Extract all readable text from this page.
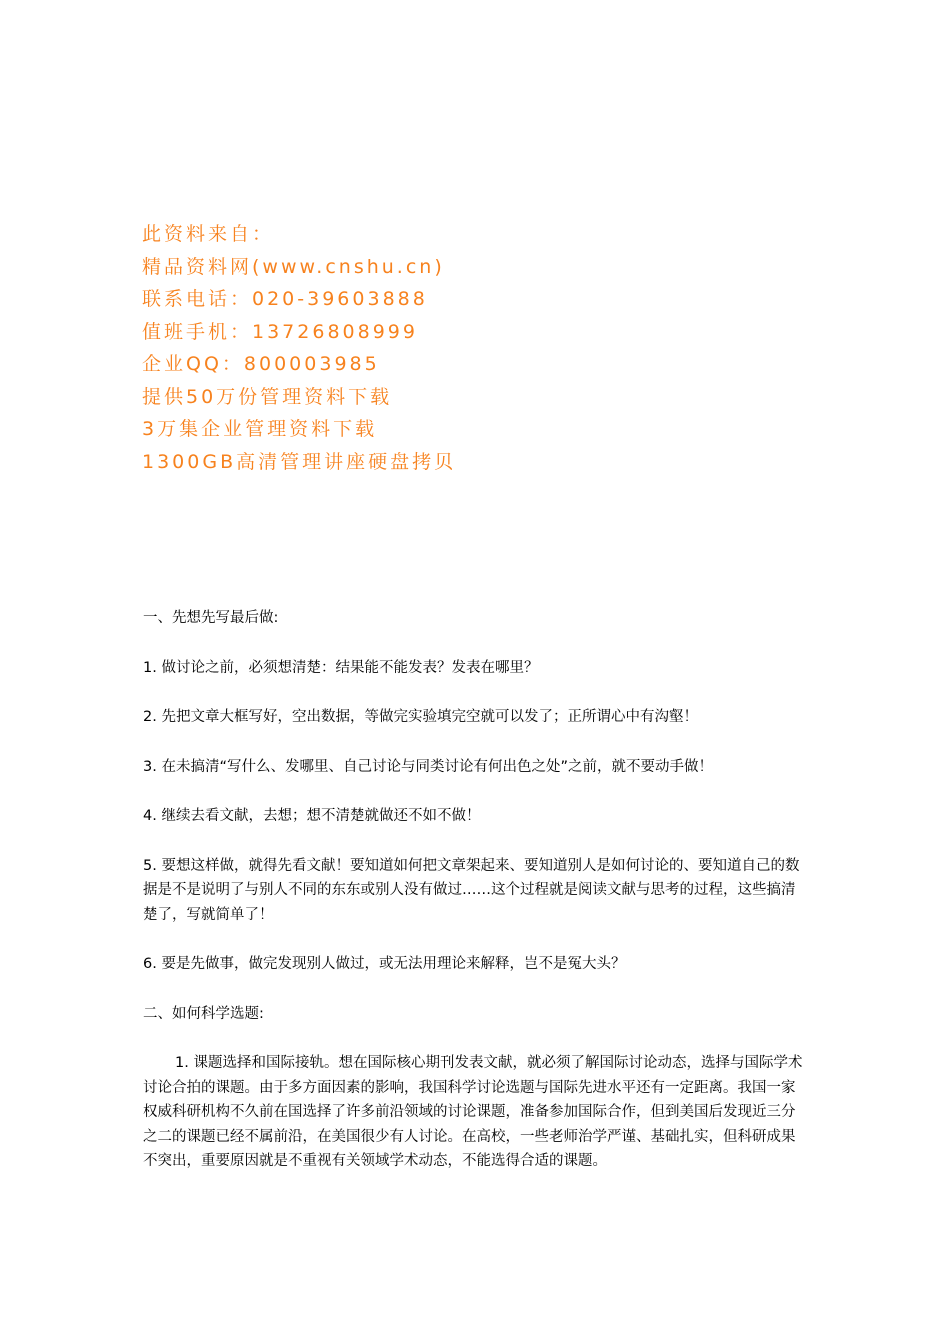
此资料来自：
精品资料网(www.cnshu.cn)
联系电话：020-39603888
值班手机：13726808999
企业QQ：800003985
提供50万份管理资料下载
3万集企业管理资料下载
1300GB高清管理讲座硬盘拷贝

一、先想先写最后做:

1. 做讨论之前，必须想清楚：结果能不能发表？发表在哪里？

2. 先把文章大框写好，空出数据，等做完实验填完空就可以发了；正所谓心中有沟壑！

3. 在未搞清“写什么、发哪里、自己讨论与同类讨论有何出色之处”之前，就不要动手做！

4. 继续去看文献，去想；想不清楚就做还不如不做！

5. 要想这样做，就得先看文献！要知道如何把文章架起来、要知道别人是如何讨论的、要知道自己的数据是不是说明了与别人不同的东东或别人没有做过……这个过程就是阅读文献与思考的过程，这些搞清楚了，写就简单了！

6. 要是先做事，做完发现别人做过，或无法用理论来解释，岂不是冤大头？

二、如何科学选题:

1. 课题选择和国际接轨。想在国际核心期刊发表文献，就必须了解国际讨论动态，选择与国际学术讨论合拍的课题。由于多方面因素的影响，我国科学讨论选题与国际先进水平还有一定距离。我国一家权威科研机构不久前在国选择了许多前沿领域的讨论课题，准备参加国际合作，但到美国后发现近三分之二的课题已经不属前沿，在美国很少有人讨论。在高校，一些老师治学严谨、基础扎实，但科研成果不突出，重要原因就是不重视有关领域学术动态，不能选得合适的课题。
